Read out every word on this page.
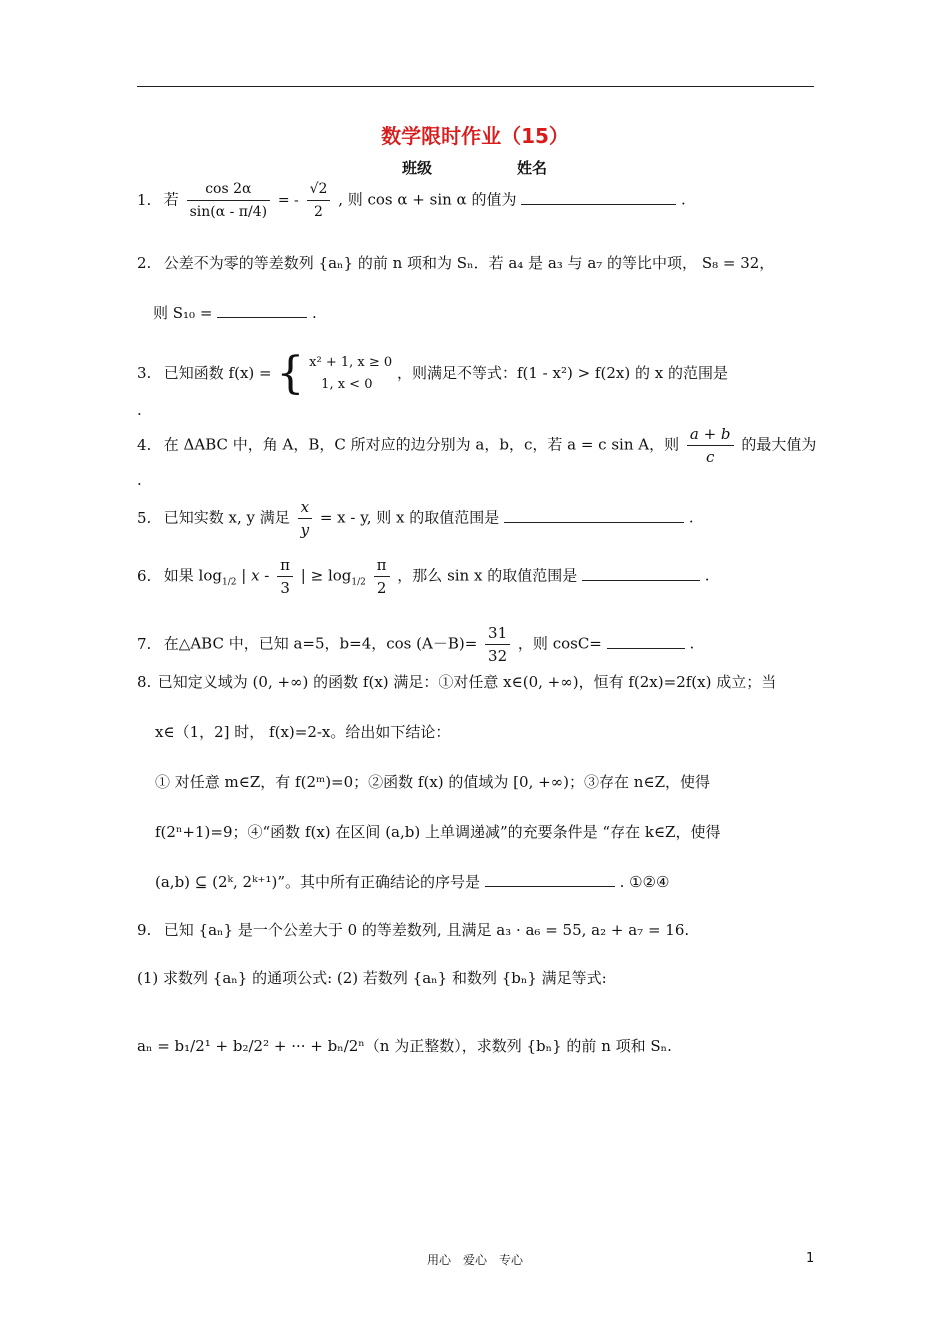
数学限时作业（15）
班级	姓名
1. 若 $\frac{\cos 2\alpha}{\sin(\alpha - \pi/4)}$ = - $\frac{√2}{2}$ , 则 cos α + sin α 的值为	.
2. 公差不为零的等差数列 {aₙ} 的前 n 项和为 Sₙ．若 a₄ 是 a₃ 与 a₇ 的等比中项， S₈ = 32，
则 S₁₀ =	.
3. 已知函数 f(x) = { x² + 1, x ≥ 0
1, x < 0
，则满足不等式：f(1 - x²) > f(2x) 的 x 的范围是
.
4. 在 ΔABC 中，角 A，B，C 所对应的边分别为 a，b，c，若 a = c sin A，则 $\frac{a + b}{c}$ 的最大值为
.
5. 已知实数 x, y 满足 $\frac{x}{y} = x - y$, 则 x 的取值范围是	.
6. 如果 $\log_{1/2}$ | x - $\frac{\pi}{3}$ | ≥ $\log_{1/2} \frac{\pi}{2}$ ，那么 sin x 的取值范围是	.
7. 在△ABC 中，已知 a=5，b=4，$\cos (A-B)= \frac{31}{32}$ ，则 cosC=	.
8. 已知定义域为 (0, +∞) 的函数 f(x) 满足：①对任意 x∈(0, +∞)，恒有 f(2x)=2f(x) 成立；当
x∈（1，2] 时， f(x)=2-x。给出如下结论：
① 对任意 m∈Z，有 f(2ᵐ)=0；②函数 f(x) 的值域为 [0, +∞)；③存在 n∈Z，使得
f(2ⁿ+1)=9；④“函数 f(x) 在区间 (a,b) 上单调递减”的充要条件是 “存在 k∈Z，使得
(a,b) ⊆ (2ᵏ, 2ᵏ⁺¹)”。其中所有正确结论的序号是	. ①②④
9. 已知 {aₙ} 是一个公差大于 0 的等差数列, 且满足 a₃ · a₆ = 55, a₂ + a₇ = 16.
(1) 求数列 {aₙ} 的通项公式: (2) 若数列 {aₙ} 和数列 {bₙ} 满足等式:
aₙ = b₁/2¹ + b₂/2² + ··· + bₙ/2ⁿ（n 为正整数），求数列 {bₙ} 的前 n 项和 Sₙ.
用心　爱心　专心	1
